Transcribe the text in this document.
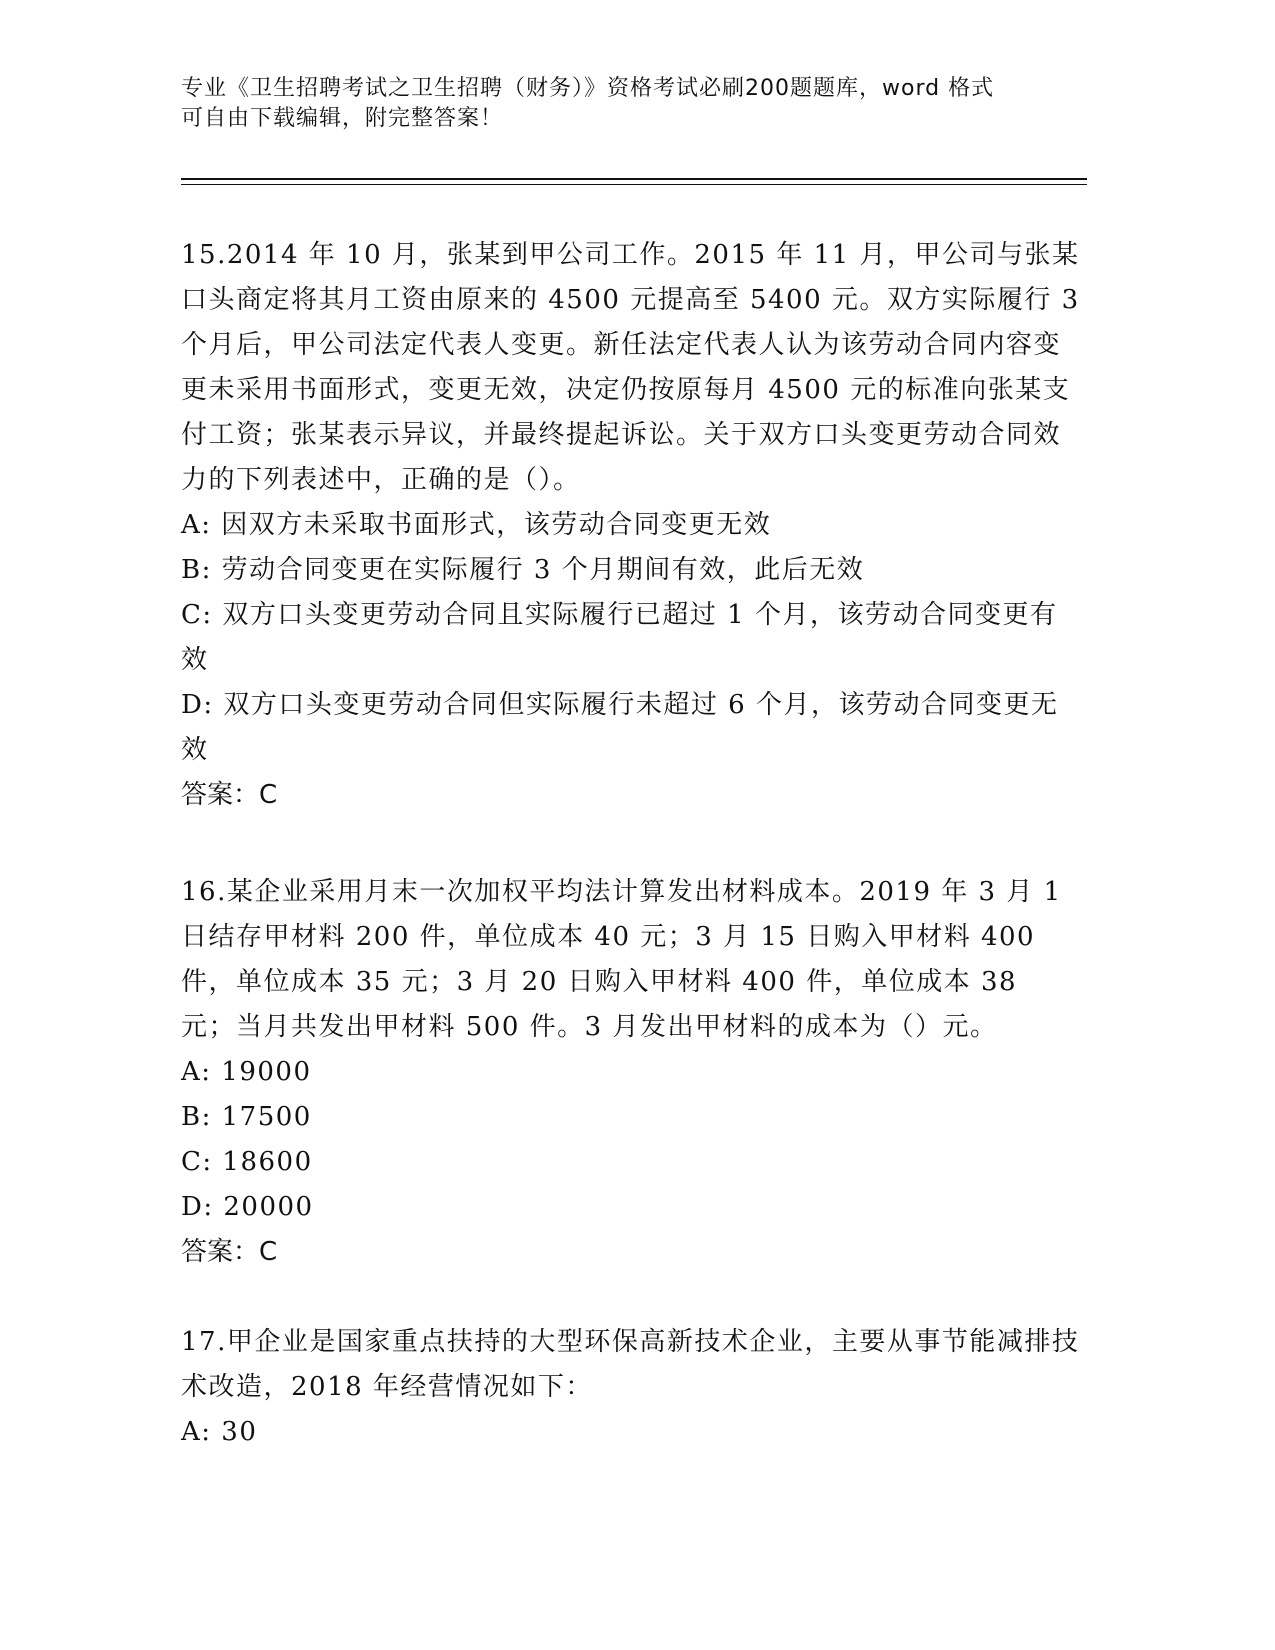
专业《卫生招聘考试之卫生招聘（财务）》资格考试必刷200题题库，word 格式
可自由下载编辑，附完整答案！

15.2014 年 10 月，张某到甲公司工作。2015 年 11 月，甲公司与张某口头商定将其月工资由原来的 4500 元提高至 5400 元。双方实际履行 3 个月后，甲公司法定代表人变更。新任法定代表人认为该劳动合同内容变更未采用书面形式，变更无效，决定仍按原每月 4500 元的标准向张某支付工资；张某表示异议，并最终提起诉讼。关于双方口头变更劳动合同效力的下列表述中，正确的是（）。

A: 因双方未采取书面形式，该劳动合同变更无效

B: 劳动合同变更在实际履行 3 个月期间有效，此后无效

C: 双方口头变更劳动合同且实际履行已超过 1 个月，该劳动合同变更有效

D: 双方口头变更劳动合同但实际履行未超过 6 个月，该劳动合同变更无效

答案：C

16.某企业采用月末一次加权平均法计算发出材料成本。2019 年 3 月 1 日结存甲材料 200 件，单位成本 40 元；3 月 15 日购入甲材料 400 件，单位成本 35 元；3 月 20 日购入甲材料 400 件，单位成本 38 元；当月共发出甲材料 500 件。3 月发出甲材料的成本为（）元。

A: 19000

B: 17500

C: 18600

D: 20000

答案：C

17.甲企业是国家重点扶持的大型环保高新技术企业，主要从事节能减排技术改造，2018 年经营情况如下：

A: 30
